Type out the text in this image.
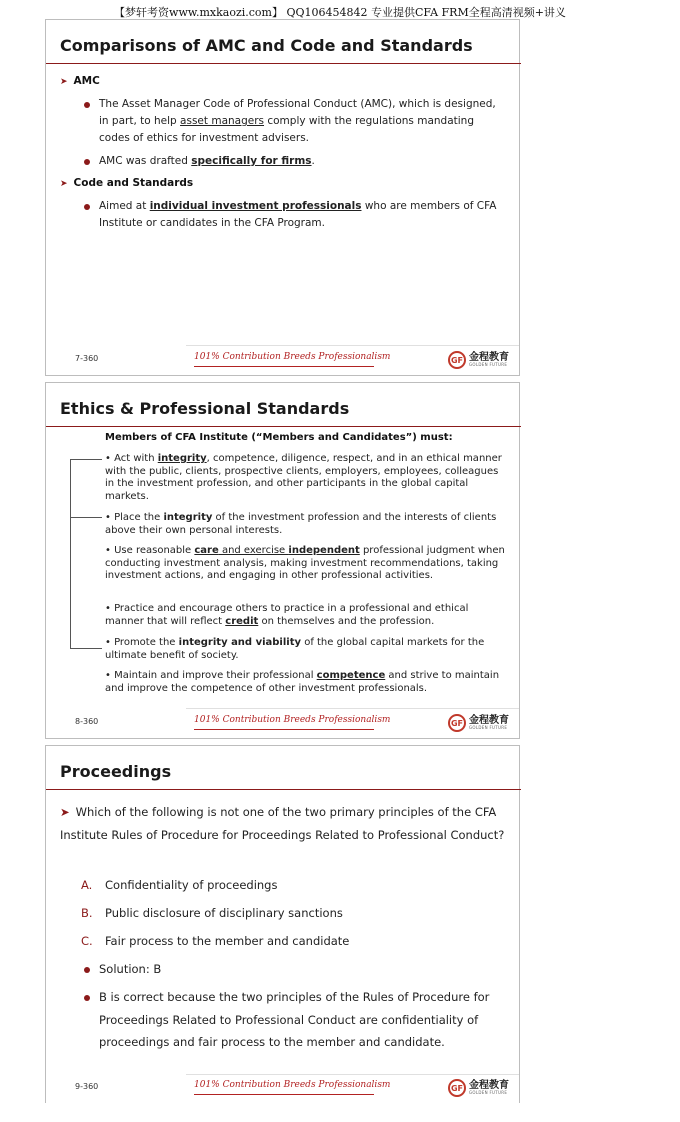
【梦轩考资www.mxkaozi.com】 QQ106454842 专业提供CFA FRM全程高清视频+讲义
Comparisons of AMC and Code and Standards
➤ AMC
The Asset Manager Code of Professional Conduct (AMC), which is designed, in part, to help asset managers comply with the regulations mandating codes of ethics for investment advisers.
AMC was drafted specifically for firms.
➤ Code and Standards
Aimed at individual investment professionals who are members of CFA Institute or candidates in the CFA Program.
7-360	101% Contribution Breeds Professionalism	GF 金程教育
GOLDEN FUTURE
Ethics & Professional Standards
Members of CFA Institute (“Members and Candidates”) must:
• Act with integrity, competence, diligence, respect, and in an ethical manner with the public, clients, prospective clients, employers, employees, colleagues in the investment profession, and other participants in the global capital markets.
• Place the integrity of the investment profession and the interests of clients above their own personal interests.
• Use reasonable care and exercise independent professional judgment when conducting investment analysis, making investment recommendations, taking investment actions, and engaging in other professional activities.
• Practice and encourage others to practice in a professional and ethical manner that will reflect credit on themselves and the profession.
• Promote the integrity and viability of the global capital markets for the ultimate benefit of society.
• Maintain and improve their professional competence and strive to maintain and improve the competence of other investment professionals.
8-360	101% Contribution Breeds Professionalism	GF 金程教育
GOLDEN FUTURE
Proceedings
➤ Which of the following is not one of the two primary principles of the CFA Institute Rules of Procedure for Proceedings Related to Professional Conduct?
A. Confidentiality of proceedings
B. Public disclosure of disciplinary sanctions
C. Fair process to the member and candidate
Solution: B
B is correct because the two principles of the Rules of Procedure for Proceedings Related to Professional Conduct are confidentiality of proceedings and fair process to the member and candidate.
9-360	101% Contribution Breeds Professionalism	GF 金程教育
GOLDEN FUTURE
